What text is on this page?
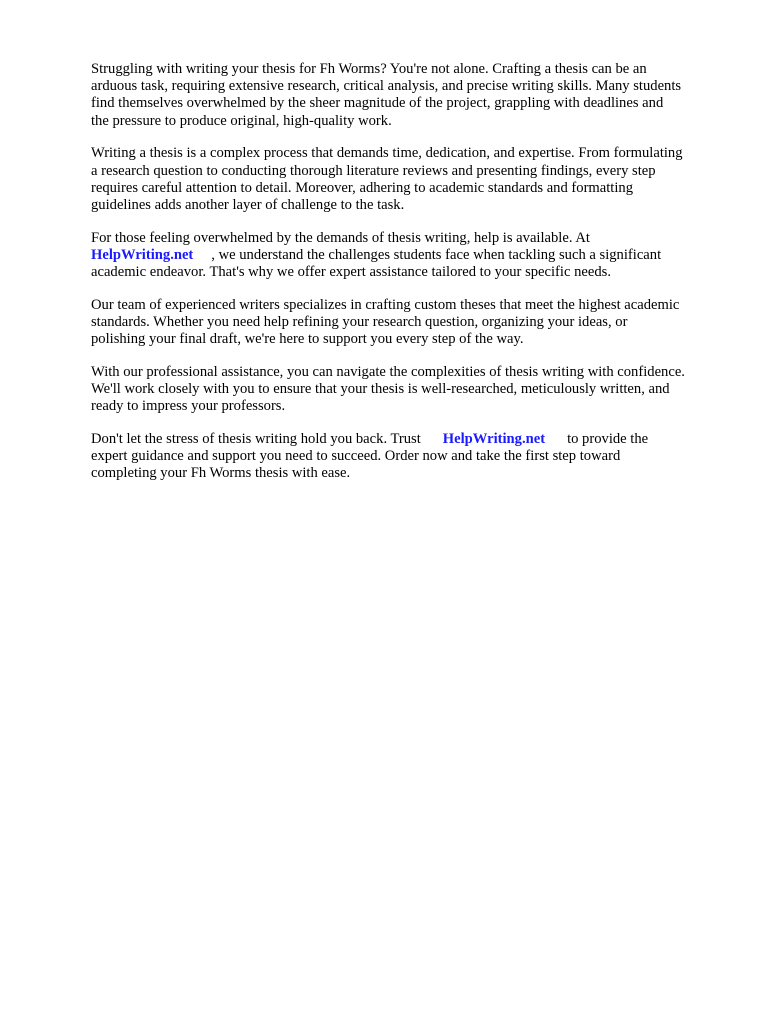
Struggling with writing your thesis for Fh Worms? You're not alone. Crafting a thesis can be an
arduous task, requiring extensive research, critical analysis, and precise writing skills. Many students
find themselves overwhelmed by the sheer magnitude of the project, grappling with deadlines and
the pressure to produce original, high-quality work.

Writing a thesis is a complex process that demands time, dedication, and expertise. From formulating
a research question to conducting thorough literature reviews and presenting findings, every step
requires careful attention to detail. Moreover, adhering to academic standards and formatting
guidelines adds another layer of challenge to the task.

For those feeling overwhelmed by the demands of thesis writing, help is available. At
HelpWriting.net , we understand the challenges students face when tackling such a significant
academic endeavor. That's why we offer expert assistance tailored to your specific needs.

Our team of experienced writers specializes in crafting custom theses that meet the highest academic
standards. Whether you need help refining your research question, organizing your ideas, or
polishing your final draft, we're here to support you every step of the way.

With our professional assistance, you can navigate the complexities of thesis writing with confidence.
We'll work closely with you to ensure that your thesis is well-researched, meticulously written, and
ready to impress your professors.

Don't let the stress of thesis writing hold you back. Trust HelpWriting.net to provide the
expert guidance and support you need to succeed. Order now and take the first step toward
completing your Fh Worms thesis with ease.
